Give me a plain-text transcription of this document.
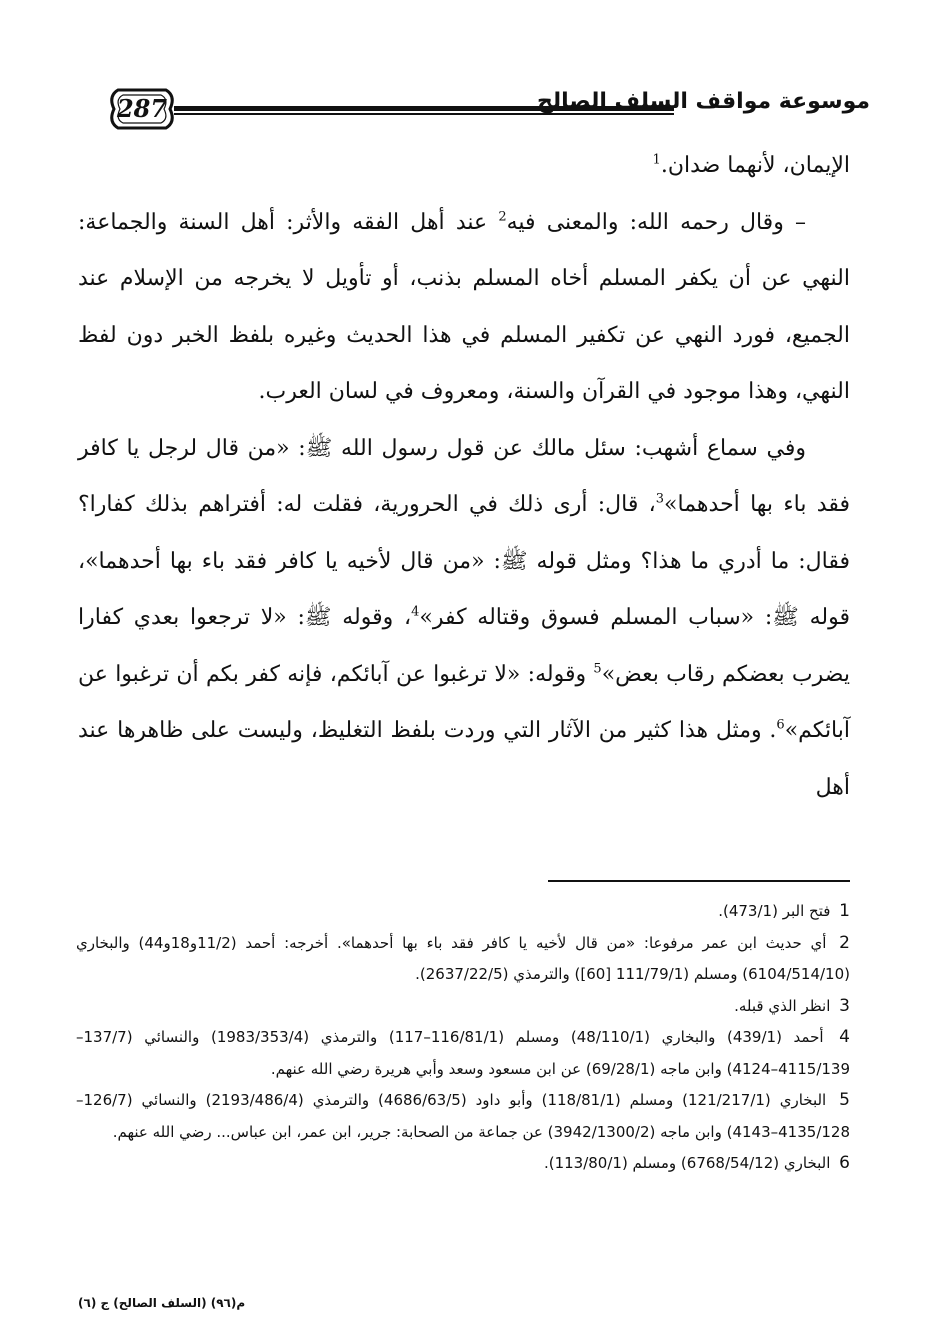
287	موسوعة مواقف السلف الصالح

الإيمان، لأنهما ضدان.$^1$

– وقال رحمه الله: والمعنى فيه$^2$ عند أهل الفقه والأثر: أهل السنة والجماعة: النهي عن أن يكفر المسلم أخاه المسلم بذنب، أو تأويل لا يخرجه من الإسلام عند الجميع، فورد النهي عن تكفير المسلم في هذا الحديث وغيره بلفظ الخبر دون لفظ النهي، وهذا موجود في القرآن والسنة، ومعروف في لسان العرب.

وفي سماع أشهب: سئل مالك عن قول رسول الله ﷺ: «من قال لرجل يا كافر فقد باء بها أحدهما»$^3$، قال: أرى ذلك في الحرورية، فقلت له: أفتراهم بذلك كفارا؟ فقال: ما أدري ما هذا؟ ومثل قوله ﷺ: «من قال لأخيه يا كافر فقد باء بها أحدهما»، قوله ﷺ: «سباب المسلم فسوق وقتاله كفر»$^4$، وقوله ﷺ: «لا ترجعوا بعدي كفارا يضرب بعضكم رقاب بعض»$^5$ وقوله: «لا ترغبوا عن آبائكم، فإنه كفر بكم أن ترغبوا عن آبائكم»$^6$. ومثل هذا كثير من الآثار التي وردت بلفظ التغليظ، وليست على ظاهرها عند أهل

1 فتح البر (473/1).

2 أي حديث ابن عمر مرفوعا: «من قال لأخيه يا كافر فقد باء بها أحدهما». أخرجه: أحمد (11/2و18و44) والبخاري (6104/514/10) ومسلم (111/79/1 [60]) والترمذي (2637/22/5).

3 انظر الذي قبله.

4 أحمد (439/1) والبخاري (48/110/1) ومسلم (116/81/1–117) والترمذي (1983/353/4) والنسائي (137/7–4115/139–4124) وابن ماجه (69/28/1) عن ابن مسعود وسعد وأبي هريرة رضي الله عنهم.

5 البخاري (121/217/1) ومسلم (118/81/1) وأبو داود (4686/63/5) والترمذي (2193/486/4) والنسائي (126/7–4135/128–4143) وابن ماجه (3942/1300/2) عن جماعة من الصحابة: جرير، ابن عمر، ابن عباس... رضي الله عنهم.

6 البخاري (6768/54/12) ومسلم (113/80/1).

م(٩٦) (السلف الصالح) ج (٦)
